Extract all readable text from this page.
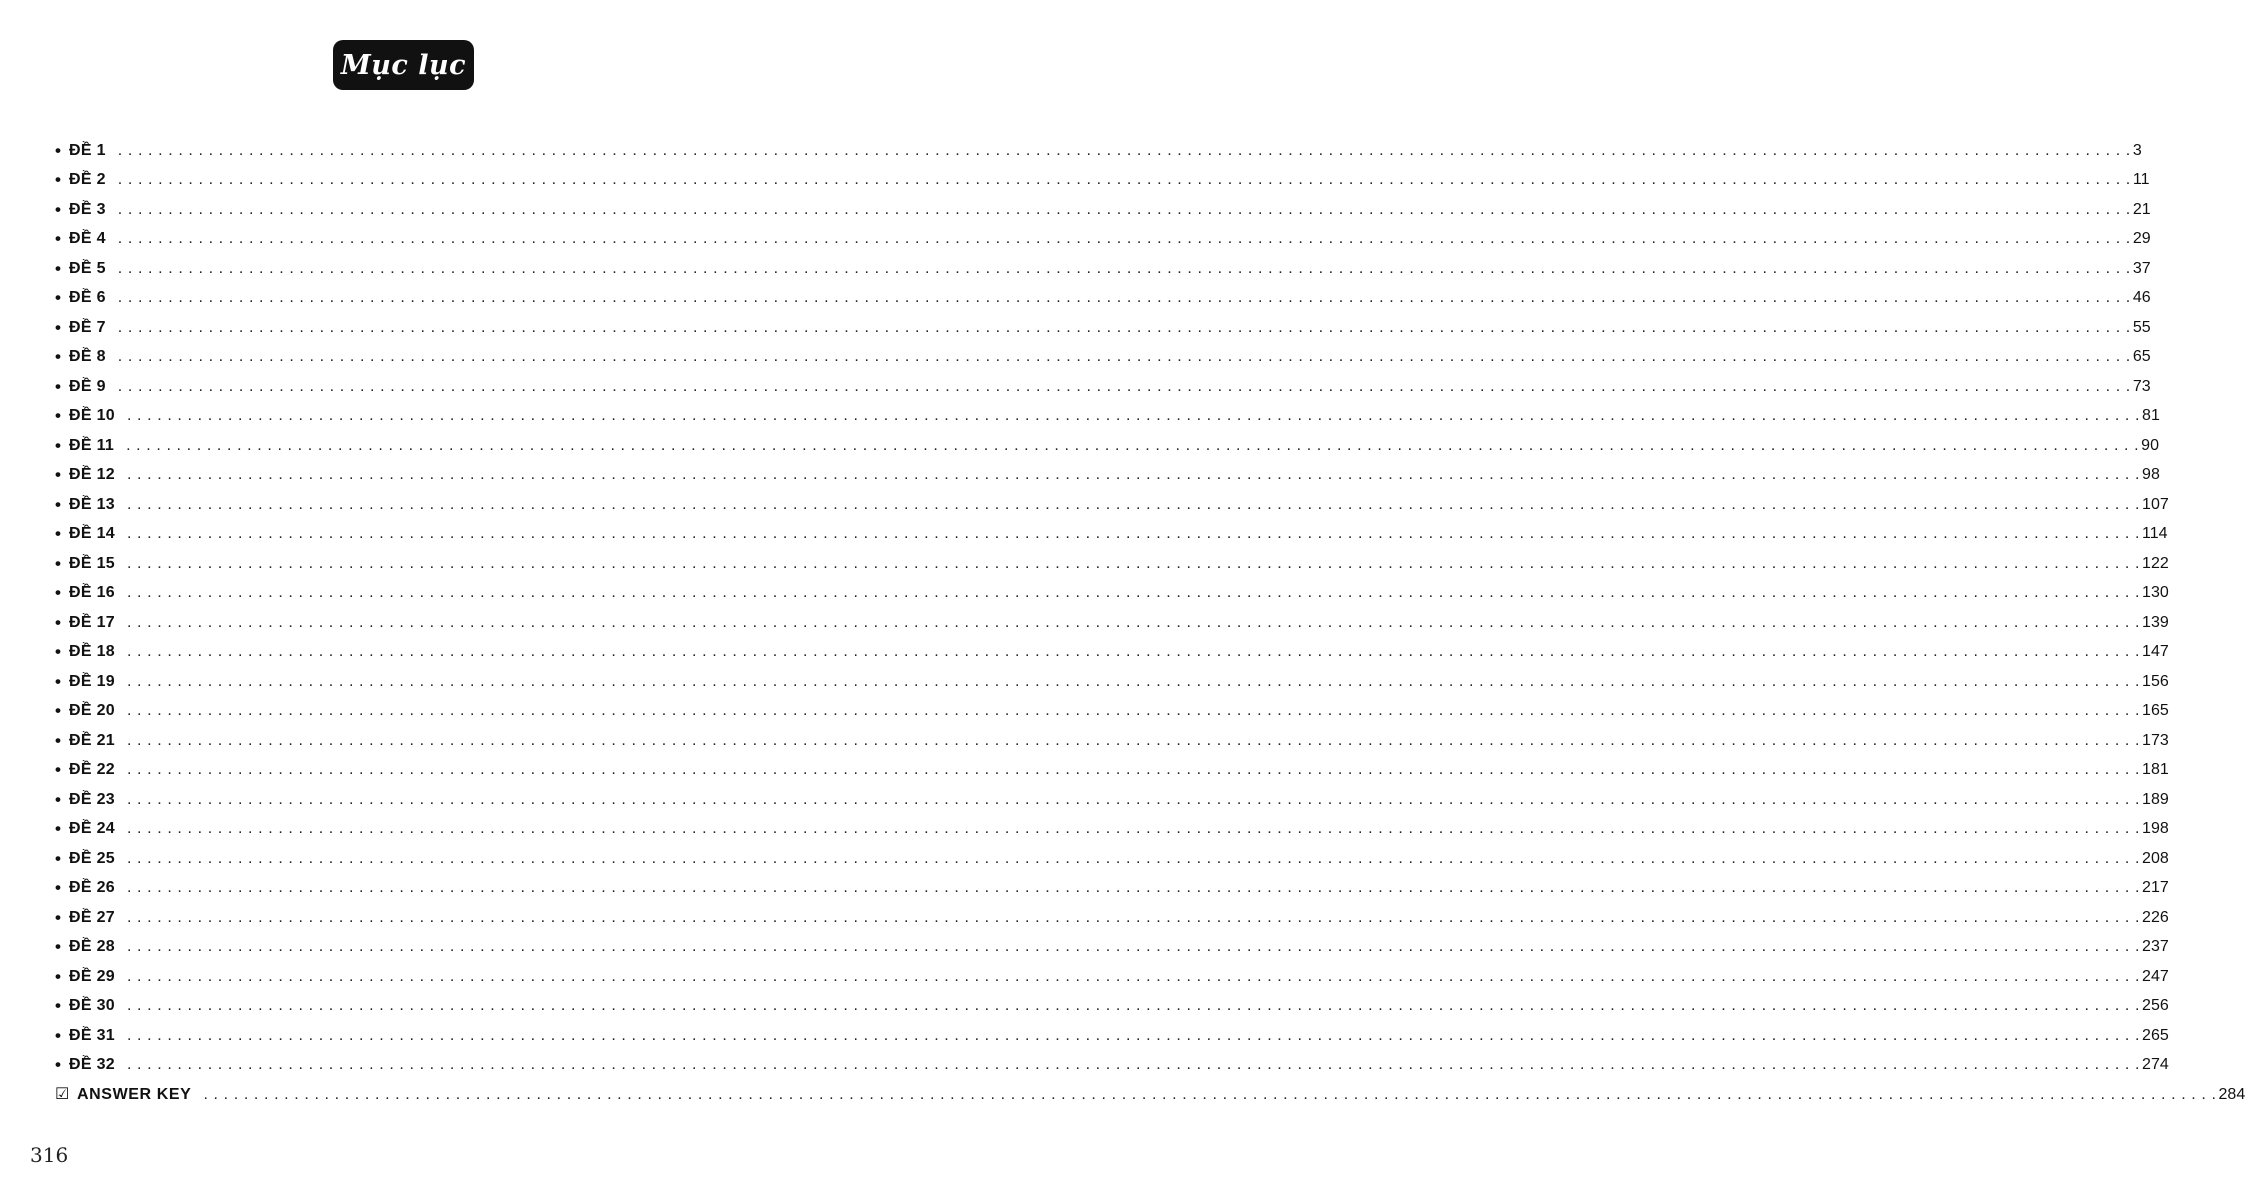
Mục lục
• ĐỀ 1 . . . . . . . . . . . . . . . . . . . . . . . . . . . . . . . . . . . . . . . . . . . . . . . . . . . . . . . . . . . . . . . . . . . . . . . . . . . . . . . . . . . . . . . . . . . . . . . . . . . . . . . . . . . . . . . . . . . . . . . . . . . . . . . . . . . . . . . . . . . . . . . . . . . . . . . . . . . . . . . . . . . . . . . . . . . . . . . . . . . . . . . . . . . . . . . . . . . . . . . . 3
• ĐỀ 2 . . . . . . . . . . . . . . . . . . . . . . . . . . . . . . . . . . . . . . . . . . . . . . . . . . . . . . . . . . . . . . . . . . . . . . . . . . . . . . . . . . . . . . . . . . . . . . . . . . . . . . . . . . . . . . . . . . . . . . . . . . . . . . . . . . . . . . . . . . . . . . . . . . . . . . . . . . . . . . . . . . . . . . . . . . . . . . . . . . . . . . . . . . . . . . . . . . . . . . . . 11
• ĐỀ 3 . . . . . . . . . . . . . . . . . . . . . . . . . . . . . . . . . . . . . . . . . . . . . . . . . . . . . . . . . . . . . . . . . . . . . . . . . . . . . . . . . . . . . . . . . . . . . . . . . . . . . . . . . . . . . . . . . . . . . . . . . . . . . . . . . . . . . . . . . . . . . . . . . . . . . . . . . . . . . . . . . . . . . . . . . . . . . . . . . . . . . . . . . . . . . . . . . . . . . . . . 21
• ĐỀ 4 . . . . . . . . . . . . . . . . . . . . . . . . . . . . . . . . . . . . . . . . . . . . . . . . . . . . . . . . . . . . . . . . . . . . . . . . . . . . . . . . . . . . . . . . . . . . . . . . . . . . . . . . . . . . . . . . . . . . . . . . . . . . . . . . . . . . . . . . . . . . . . . . . . . . . . . . . . . . . . . . . . . . . . . . . . . . . . . . . . . . . . . . . . . . . . . . . . . . . . . . 29
• ĐỀ 5 . . . . . . . . . . . . . . . . . . . . . . . . . . . . . . . . . . . . . . . . . . . . . . . . . . . . . . . . . . . . . . . . . . . . . . . . . . . . . . . . . . . . . . . . . . . . . . . . . . . . . . . . . . . . . . . . . . . . . . . . . . . . . . . . . . . . . . . . . . . . . . . . . . . . . . . . . . . . . . . . . . . . . . . . . . . . . . . . . . . . . . . . . . . . . . . . . . . . . . . . 37
• ĐỀ 6 . . . . . . . . . . . . . . . . . . . . . . . . . . . . . . . . . . . . . . . . . . . . . . . . . . . . . . . . . . . . . . . . . . . . . . . . . . . . . . . . . . . . . . . . . . . . . . . . . . . . . . . . . . . . . . . . . . . . . . . . . . . . . . . . . . . . . . . . . . . . . . . . . . . . . . . . . . . . . . . . . . . . . . . . . . . . . . . . . . . . . . . . . . . . . . . . . . . . . . . . 46
• ĐỀ 7 . . . . . . . . . . . . . . . . . . . . . . . . . . . . . . . . . . . . . . . . . . . . . . . . . . . . . . . . . . . . . . . . . . . . . . . . . . . . . . . . . . . . . . . . . . . . . . . . . . . . . . . . . . . . . . . . . . . . . . . . . . . . . . . . . . . . . . . . . . . . . . . . . . . . . . . . . . . . . . . . . . . . . . . . . . . . . . . . . . . . . . . . . . . . . . . . . . . . . . . . 55
• ĐỀ 8 . . . . . . . . . . . . . . . . . . . . . . . . . . . . . . . . . . . . . . . . . . . . . . . . . . . . . . . . . . . . . . . . . . . . . . . . . . . . . . . . . . . . . . . . . . . . . . . . . . . . . . . . . . . . . . . . . . . . . . . . . . . . . . . . . . . . . . . . . . . . . . . . . . . . . . . . . . . . . . . . . . . . . . . . . . . . . . . . . . . . . . . . . . . . . . . . . . . . . . . . 65
• ĐỀ 9 . . . . . . . . . . . . . . . . . . . . . . . . . . . . . . . . . . . . . . . . . . . . . . . . . . . . . . . . . . . . . . . . . . . . . . . . . . . . . . . . . . . . . . . . . . . . . . . . . . . . . . . . . . . . . . . . . . . . . . . . . . . . . . . . . . . . . . . . . . . . . . . . . . . . . . . . . . . . . . . . . . . . . . . . . . . . . . . . . . . . . . . . . . . . . . . . . . . . . . . . 73
• ĐỀ 10 . . . . . . . . . . . . . . . . . . . . . . . . . . . . . . . . . . . . . . . . . . . . . . . . . . . . . . . . . . . . . . . . . . . . . . . . . . . . . . . . . . . . . . . . . . . . . . . . . . . . . . . . . . . . . . . . . . . . . . . . . . . . . . . . . . . . . . . . . . . . . . . . . . . . . . . . . . . . . . . . . . . . . . . . . . . . . . . . . . . . . . . . . . . . . . . . . . . . . . . . 81
• ĐỀ 11 . . . . . . . . . . . . . . . . . . . . . . . . . . . . . . . . . . . . . . . . . . . . . . . . . . . . . . . . . . . . . . . . . . . . . . . . . . . . . . . . . . . . . . . . . . . . . . . . . . . . . . . . . . . . . . . . . . . . . . . . . . . . . . . . . . . . . . . . . . . . . . . . . . . . . . . . . . . . . . . . . . . . . . . . . . . . . . . . . . . . . . . . . . . . . . . . . . . . . . . . 90
• ĐỀ 12 . . . . . . . . . . . . . . . . . . . . . . . . . . . . . . . . . . . . . . . . . . . . . . . . . . . . . . . . . . . . . . . . . . . . . . . . . . . . . . . . . . . . . . . . . . . . . . . . . . . . . . . . . . . . . . . . . . . . . . . . . . . . . . . . . . . . . . . . . . . . . . . . . . . . . . . . . . . . . . . . . . . . . . . . . . . . . . . . . . . . . . . . . . . . . . . . . . . . . . . . 98
• ĐỀ 13 . . . . . . . . . . . . . . . . . . . . . . . . . . . . . . . . . . . . . . . . . . . . . . . . . . . . . . . . . . . . . . . . . . . . . . . . . . . . . . . . . . . . . . . . . . . . . . . . . . . . . . . . . . . . . . . . . . . . . . . . . . . . . . . . . . . . . . . . . . . . . . . . . . . . . . . . . . . . . . . . . . . . . . . . . . . . . . . . . . . . . . . . . . . . . . . . . . . . . . . . 107
• ĐỀ 14 . . . . . . . . . . . . . . . . . . . . . . . . . . . . . . . . . . . . . . . . . . . . . . . . . . . . . . . . . . . . . . . . . . . . . . . . . . . . . . . . . . . . . . . . . . . . . . . . . . . . . . . . . . . . . . . . . . . . . . . . . . . . . . . . . . . . . . . . . . . . . . . . . . . . . . . . . . . . . . . . . . . . . . . . . . . . . . . . . . . . . . . . . . . . . . . . . . . . . . . . 114
• ĐỀ 15 . . . . . . . . . . . . . . . . . . . . . . . . . . . . . . . . . . . . . . . . . . . . . . . . . . . . . . . . . . . . . . . . . . . . . . . . . . . . . . . . . . . . . . . . . . . . . . . . . . . . . . . . . . . . . . . . . . . . . . . . . . . . . . . . . . . . . . . . . . . . . . . . . . . . . . . . . . . . . . . . . . . . . . . . . . . . . . . . . . . . . . . . . . . . . . . . . . . . . . . . 122
• ĐỀ 16 . . . . . . . . . . . . . . . . . . . . . . . . . . . . . . . . . . . . . . . . . . . . . . . . . . . . . . . . . . . . . . . . . . . . . . . . . . . . . . . . . . . . . . . . . . . . . . . . . . . . . . . . . . . . . . . . . . . . . . . . . . . . . . . . . . . . . . . . . . . . . . . . . . . . . . . . . . . . . . . . . . . . . . . . . . . . . . . . . . . . . . . . . . . . . . . . . . . . . . . . 130
• ĐỀ 17 . . . . . . . . . . . . . . . . . . . . . . . . . . . . . . . . . . . . . . . . . . . . . . . . . . . . . . . . . . . . . . . . . . . . . . . . . . . . . . . . . . . . . . . . . . . . . . . . . . . . . . . . . . . . . . . . . . . . . . . . . . . . . . . . . . . . . . . . . . . . . . . . . . . . . . . . . . . . . . . . . . . . . . . . . . . . . . . . . . . . . . . . . . . . . . . . . . . . . . . . 139
• ĐỀ 18 . . . . . . . . . . . . . . . . . . . . . . . . . . . . . . . . . . . . . . . . . . . . . . . . . . . . . . . . . . . . . . . . . . . . . . . . . . . . . . . . . . . . . . . . . . . . . . . . . . . . . . . . . . . . . . . . . . . . . . . . . . . . . . . . . . . . . . . . . . . . . . . . . . . . . . . . . . . . . . . . . . . . . . . . . . . . . . . . . . . . . . . . . . . . . . . . . . . . . . . . 147
• ĐỀ 19 . . . . . . . . . . . . . . . . . . . . . . . . . . . . . . . . . . . . . . . . . . . . . . . . . . . . . . . . . . . . . . . . . . . . . . . . . . . . . . . . . . . . . . . . . . . . . . . . . . . . . . . . . . . . . . . . . . . . . . . . . . . . . . . . . . . . . . . . . . . . . . . . . . . . . . . . . . . . . . . . . . . . . . . . . . . . . . . . . . . . . . . . . . . . . . . . . . . . . . . . 156
• ĐỀ 20 . . . . . . . . . . . . . . . . . . . . . . . . . . . . . . . . . . . . . . . . . . . . . . . . . . . . . . . . . . . . . . . . . . . . . . . . . . . . . . . . . . . . . . . . . . . . . . . . . . . . . . . . . . . . . . . . . . . . . . . . . . . . . . . . . . . . . . . . . . . . . . . . . . . . . . . . . . . . . . . . . . . . . . . . . . . . . . . . . . . . . . . . . . . . . . . . . . . . . . . . 165
• ĐỀ 21 . . . . . . . . . . . . . . . . . . . . . . . . . . . . . . . . . . . . . . . . . . . . . . . . . . . . . . . . . . . . . . . . . . . . . . . . . . . . . . . . . . . . . . . . . . . . . . . . . . . . . . . . . . . . . . . . . . . . . . . . . . . . . . . . . . . . . . . . . . . . . . . . . . . . . . . . . . . . . . . . . . . . . . . . . . . . . . . . . . . . . . . . . . . . . . . . . . . . . . . . 173
• ĐỀ 22 . . . . . . . . . . . . . . . . . . . . . . . . . . . . . . . . . . . . . . . . . . . . . . . . . . . . . . . . . . . . . . . . . . . . . . . . . . . . . . . . . . . . . . . . . . . . . . . . . . . . . . . . . . . . . . . . . . . . . . . . . . . . . . . . . . . . . . . . . . . . . . . . . . . . . . . . . . . . . . . . . . . . . . . . . . . . . . . . . . . . . . . . . . . . . . . . . . . . . . . . 181
• ĐỀ 23 . . . . . . . . . . . . . . . . . . . . . . . . . . . . . . . . . . . . . . . . . . . . . . . . . . . . . . . . . . . . . . . . . . . . . . . . . . . . . . . . . . . . . . . . . . . . . . . . . . . . . . . . . . . . . . . . . . . . . . . . . . . . . . . . . . . . . . . . . . . . . . . . . . . . . . . . . . . . . . . . . . . . . . . . . . . . . . . . . . . . . . . . . . . . . . . . . . . . . . . . 189
• ĐỀ 24 . . . . . . . . . . . . . . . . . . . . . . . . . . . . . . . . . . . . . . . . . . . . . . . . . . . . . . . . . . . . . . . . . . . . . . . . . . . . . . . . . . . . . . . . . . . . . . . . . . . . . . . . . . . . . . . . . . . . . . . . . . . . . . . . . . . . . . . . . . . . . . . . . . . . . . . . . . . . . . . . . . . . . . . . . . . . . . . . . . . . . . . . . . . . . . . . . . . . . . . . 198
• ĐỀ 25 . . . . . . . . . . . . . . . . . . . . . . . . . . . . . . . . . . . . . . . . . . . . . . . . . . . . . . . . . . . . . . . . . . . . . . . . . . . . . . . . . . . . . . . . . . . . . . . . . . . . . . . . . . . . . . . . . . . . . . . . . . . . . . . . . . . . . . . . . . . . . . . . . . . . . . . . . . . . . . . . . . . . . . . . . . . . . . . . . . . . . . . . . . . . . . . . . . . . . . . . 208
• ĐỀ 26 . . . . . . . . . . . . . . . . . . . . . . . . . . . . . . . . . . . . . . . . . . . . . . . . . . . . . . . . . . . . . . . . . . . . . . . . . . . . . . . . . . . . . . . . . . . . . . . . . . . . . . . . . . . . . . . . . . . . . . . . . . . . . . . . . . . . . . . . . . . . . . . . . . . . . . . . . . . . . . . . . . . . . . . . . . . . . . . . . . . . . . . . . . . . . . . . . . . . . . . . 217
• ĐỀ 27 . . . . . . . . . . . . . . . . . . . . . . . . . . . . . . . . . . . . . . . . . . . . . . . . . . . . . . . . . . . . . . . . . . . . . . . . . . . . . . . . . . . . . . . . . . . . . . . . . . . . . . . . . . . . . . . . . . . . . . . . . . . . . . . . . . . . . . . . . . . . . . . . . . . . . . . . . . . . . . . . . . . . . . . . . . . . . . . . . . . . . . . . . . . . . . . . . . . . . . . . 226
• ĐỀ 28 . . . . . . . . . . . . . . . . . . . . . . . . . . . . . . . . . . . . . . . . . . . . . . . . . . . . . . . . . . . . . . . . . . . . . . . . . . . . . . . . . . . . . . . . . . . . . . . . . . . . . . . . . . . . . . . . . . . . . . . . . . . . . . . . . . . . . . . . . . . . . . . . . . . . . . . . . . . . . . . . . . . . . . . . . . . . . . . . . . . . . . . . . . . . . . . . . . . . . . . . 237
• ĐỀ 29 . . . . . . . . . . . . . . . . . . . . . . . . . . . . . . . . . . . . . . . . . . . . . . . . . . . . . . . . . . . . . . . . . . . . . . . . . . . . . . . . . . . . . . . . . . . . . . . . . . . . . . . . . . . . . . . . . . . . . . . . . . . . . . . . . . . . . . . . . . . . . . . . . . . . . . . . . . . . . . . . . . . . . . . . . . . . . . . . . . . . . . . . . . . . . . . . . . . . . . . . 247
• ĐỀ 30 . . . . . . . . . . . . . . . . . . . . . . . . . . . . . . . . . . . . . . . . . . . . . . . . . . . . . . . . . . . . . . . . . . . . . . . . . . . . . . . . . . . . . . . . . . . . . . . . . . . . . . . . . . . . . . . . . . . . . . . . . . . . . . . . . . . . . . . . . . . . . . . . . . . . . . . . . . . . . . . . . . . . . . . . . . . . . . . . . . . . . . . . . . . . . . . . . . . . . . . . 256
• ĐỀ 31 . . . . . . . . . . . . . . . . . . . . . . . . . . . . . . . . . . . . . . . . . . . . . . . . . . . . . . . . . . . . . . . . . . . . . . . . . . . . . . . . . . . . . . . . . . . . . . . . . . . . . . . . . . . . . . . . . . . . . . . . . . . . . . . . . . . . . . . . . . . . . . . . . . . . . . . . . . . . . . . . . . . . . . . . . . . . . . . . . . . . . . . . . . . . . . . . . . . . . . . . 265
• ĐỀ 32 . . . . . . . . . . . . . . . . . . . . . . . . . . . . . . . . . . . . . . . . . . . . . . . . . . . . . . . . . . . . . . . . . . . . . . . . . . . . . . . . . . . . . . . . . . . . . . . . . . . . . . . . . . . . . . . . . . . . . . . . . . . . . . . . . . . . . . . . . . . . . . . . . . . . . . . . . . . . . . . . . . . . . . . . . . . . . . . . . . . . . . . . . . . . . . . . . . . . . . . . 274
☑ ANSWER KEY . . . . . . . . . . . . . . . . . . . . . . . . . . . . . . . . . . . . . . . . . . . . . . . . . . . . . . . . . . . . . . . . . . . . . . . . . . . . . . . . . . . . . . . . . . . . . . . . . . . . . . . . . . . . . . . . . . . . . . . . . . . . . . . . . . . . . . . . . . . . . . . . . . . . . . . . . . . . . . . . . . . . . . . . . . . . . . . . . . . . . . . . . . . . . . . . . . . . . . . . 284
316
